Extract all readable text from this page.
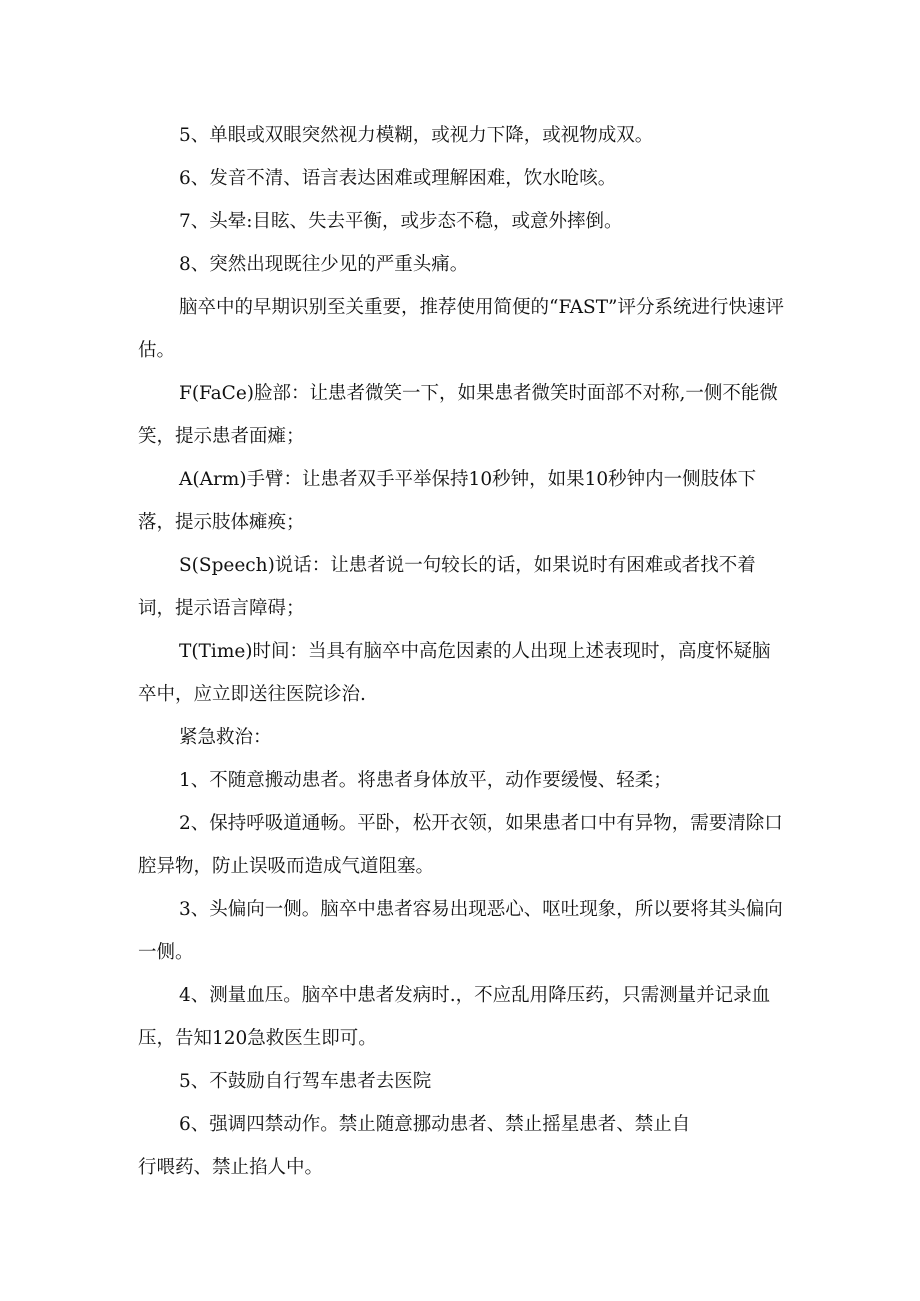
5、单眼或双眼突然视力模糊，或视力下降，或视物成双。

6、发音不清、语言表达困难或理解困难，饮水呛咳。

7、头晕:目眩、失去平衡，或步态不稳，或意外摔倒。

8、突然出现既往少见的严重头痛。

脑卒中的早期识别至关重要，推荐使用简便的“FAST”评分系统进行快速评估。

F(FaCe)脸部：让患者微笑一下，如果患者微笑时面部不对称,一侧不能微笑，提示患者面瘫；

A(Arm)手臂：让患者双手平举保持10秒钟，如果10秒钟内一侧肢体下落，提示肢体瘫痪；

S(Speech)说话：让患者说一句较长的话，如果说时有困难或者找不着词，提示语言障碍；

T(Time)时间：当具有脑卒中高危因素的人出现上述表现时，高度怀疑脑卒中，应立即送往医院诊治.

紧急救治：

1、不随意搬动患者。将患者身体放平，动作要缓慢、轻柔；

2、保持呼吸道通畅。平卧，松开衣领，如果患者口中有异物，需要清除口腔异物，防止误吸而造成气道阻塞。

3、头偏向一侧。脑卒中患者容易出现恶心、呕吐现象，所以要将其头偏向一侧。

4、测量血压。脑卒中患者发病时.，不应乱用降压药，只需测量并记录血压，告知120急救医生即可。

5、不鼓励自行驾车患者去医院

6、强调四禁动作。禁止随意挪动患者、禁止摇星患者、禁止自
行喂药、禁止掐人中。
